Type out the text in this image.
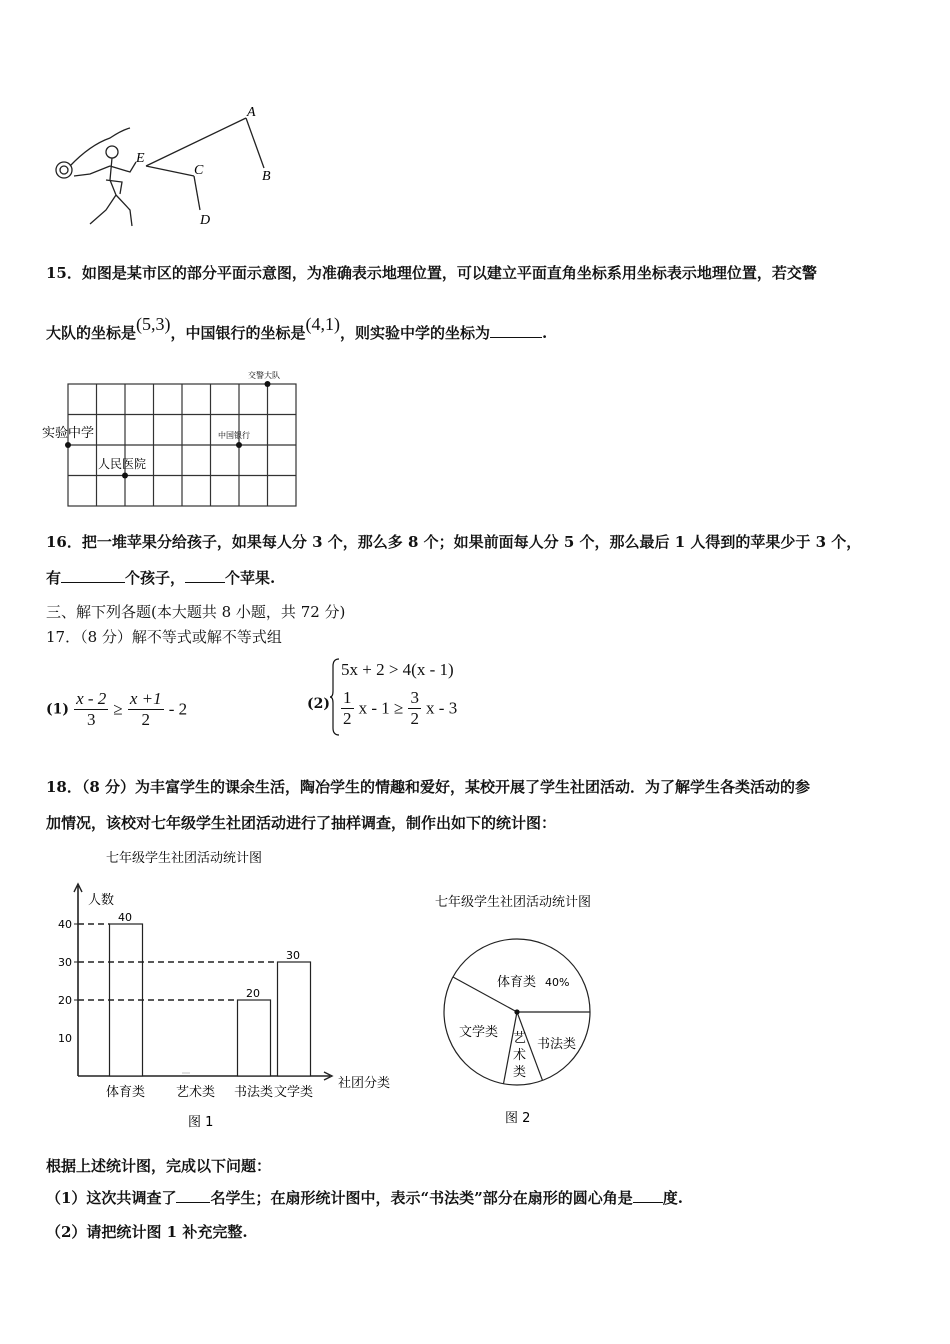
A
B
C
D
E
15．如图是某市区的部分平面示意图，为准确表示地理位置，可以建立平面直角坐标系用坐标表示地理位置，若交警
大队的坐标是(5,3)，中国银行的坐标是(4,1)，则实验中学的坐标为	.
交警大队
实验中学	中国银行
人民医院
16．把一堆苹果分给孩子，如果每人分 3 个，那么多 8 个；如果前面每人分 5 个，那么最后 1 人得到的苹果少于 3 个，
有	个孩子，	个苹果.
三、解下列各题(本大题共 8 小题，共 72 分)
17．（8 分）解不等式或解不等式组
$(1) \frac{x - 2}{3} \ge \frac{x +1}{2} - 2$	(2)
5x + 2 > 4(x - 1)
$\frac{1}{2}$ $x - 1 \ge \frac{3}{2}$ x - 3
18．（8 分）为丰富学生的课余生活，陶冶学生的情趣和爱好，某校开展了学生社团活动．为了解学生各类活动的参
加情况，该校对七年级学生社团活动进行了抽样调查，制作出如下的统计图：
七年级学生社团活动统计图
人数
社团分类
图 1
10
20
30
40
40
体育类 艺术类
20
书法类
30
文学类
七年级学生社团活动统计图
体育类 40%
书法类
文学类 艺术类
图 2
根据上述统计图，完成以下问题：
（1）这次共调查了 名学生；在扇形统计图中，表示“书法类”部分在扇形的圆心角是 度.
（2）请把统计图 1 补充完整.
